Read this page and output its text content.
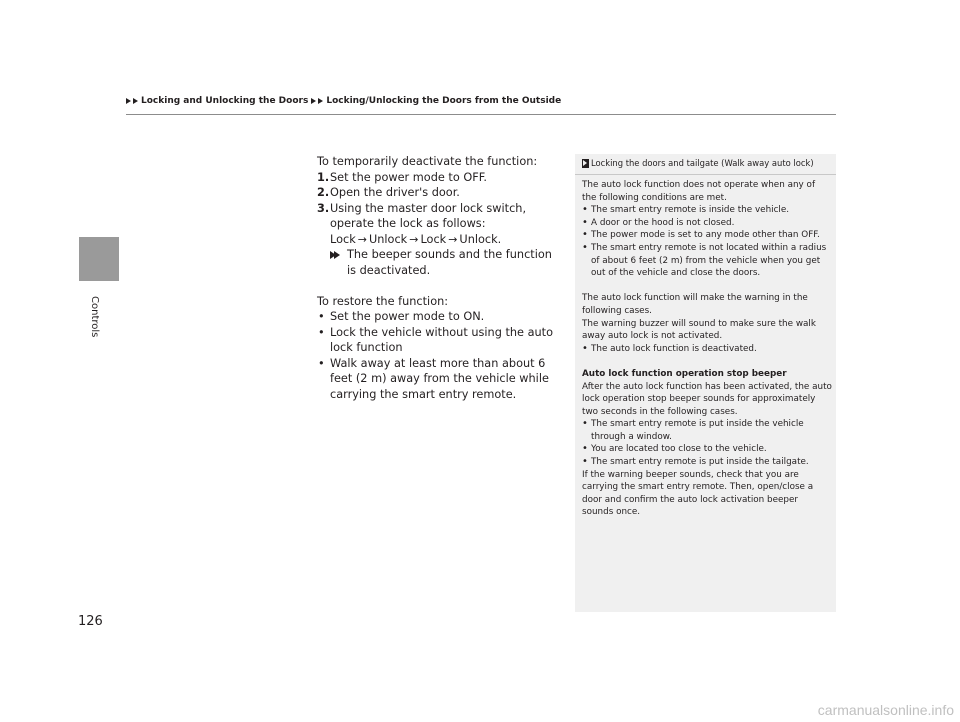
Locking and Unlocking the Doors Locking/Unlocking the Doors from the Outside
Controls
126

To temporarily deactivate the function:

1. Set the power mode to OFF.

2. Open the driver's door.

3. Using the master door lock switch, operate the lock as follows:

Lock → Unlock → Lock → Unlock.

The beeper sounds and the function is deactivated.

To restore the function:

• Set the power mode to ON.

• Lock the vehicle without using the auto lock function

• Walk away at least more than about 6 feet (2 m) away from the vehicle while carrying the smart entry remote.

Locking the doors and tailgate (Walk away auto lock)

The auto lock function does not operate when any of the following conditions are met.

• The smart entry remote is inside the vehicle.

• A door or the hood is not closed.

• The power mode is set to any mode other than OFF.

• The smart entry remote is not located within a radius of about 6 feet (2 m) from the vehicle when you get out of the vehicle and close the doors.

The auto lock function will make the warning in the following cases.

The warning buzzer will sound to make sure the walk away auto lock is not activated.

• The auto lock function is deactivated.

Auto lock function operation stop beeper

After the auto lock function has been activated, the auto lock operation stop beeper sounds for approximately two seconds in the following cases.

• The smart entry remote is put inside the vehicle through a window.

• You are located too close to the vehicle.

• The smart entry remote is put inside the tailgate.

If the warning beeper sounds, check that you are carrying the smart entry remote. Then, open/close a door and confirm the auto lock activation beeper sounds once.

carmanualsonline.info
